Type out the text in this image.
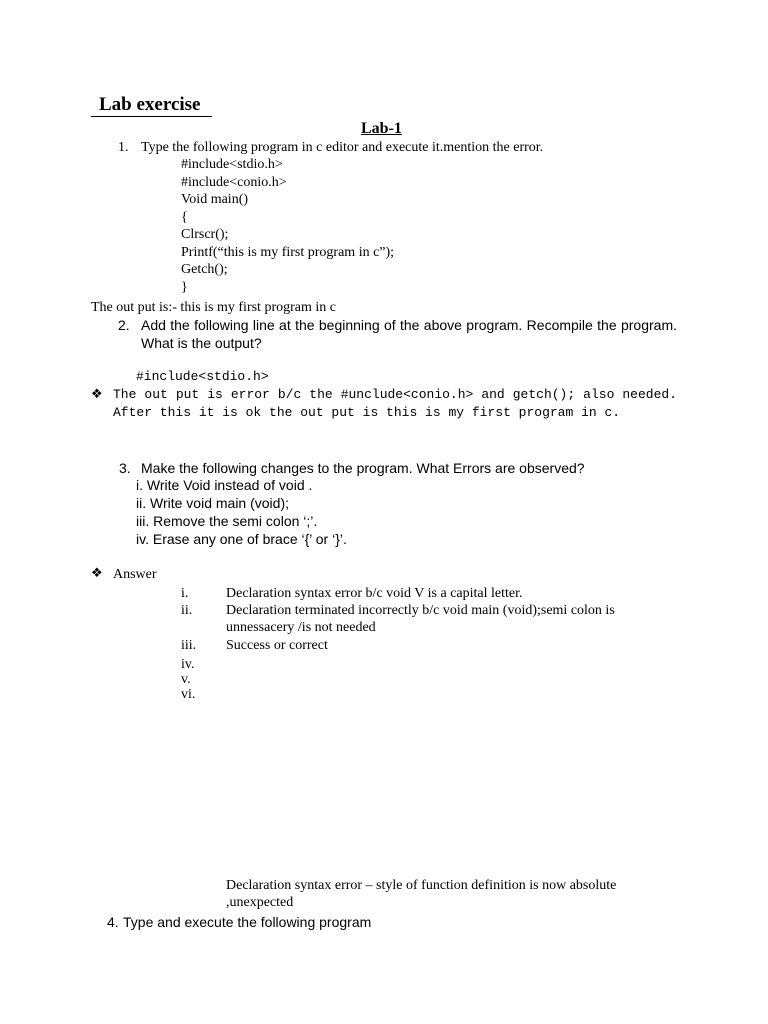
Lab exercise
Lab-1
1. Type the following program in c editor and execute it.mention the error.
#include<stdio.h>
#include<conio.h>
Void main()
{
Clrscr();
Printf(“this is my first program in c”);
Getch();
}
The out put is:- this is my first program in c
2. Add the following line at the beginning of the above program. Recompile the program. What is the output?
#include<stdio.h>
❖ The out put is error b/c the #unclude<conio.h> and getch(); also needed. After this it is ok the out put is this is my first program in c.
3. Make the following changes to the program. What Errors are observed?
i. Write Void instead of void .
ii. Write void main (void);
iii. Remove the semi colon ‘;’.
iv. Erase any one of brace ‘{’ or ‘}’.
❖ Answer
i.	Declaration syntax error b/c void V is a capital letter.
ii. Declaration terminated incorrectly b/c void main (void);semi colon is unnessacery /is not needed
iii. Success or correct
iv.
v.
vi.
Declaration syntax error – style of function definition is now absolute ,unexpected
4. Type and execute the following program
